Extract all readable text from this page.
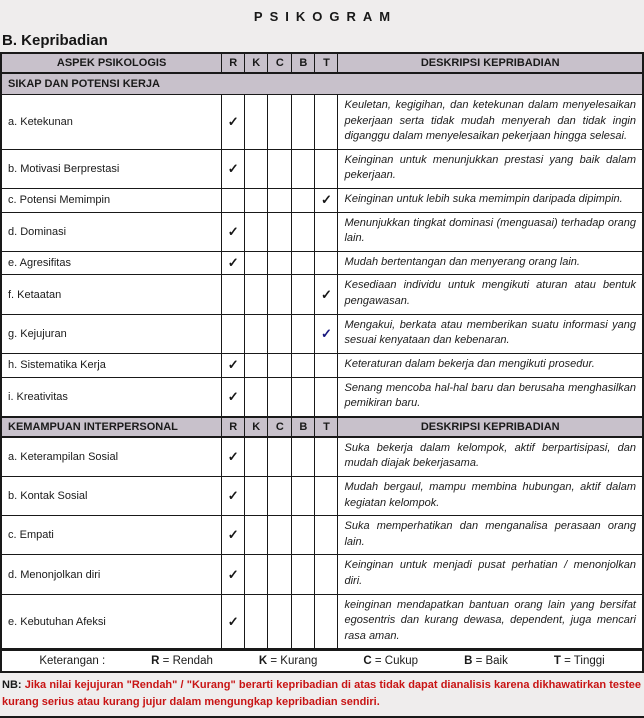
PSIKOGRAM
B. Kepribadian
ASPEK PSIKOLOGIS	R	K	C	B	T	DESKRIPSI KEPRIBADIAN
SIKAP DAN POTENSI KERJA						
a. Ketekunan	✓					Keuletan, kegigihan, dan ketekunan dalam menyelesaikan pekerjaan serta tidak mudah menyerah dan tidak ingin diganggu dalam menyelesaikan pekerjaan hingga selesai.
b. Motivasi Berprestasi	✓					Keinginan untuk menunjukkan prestasi yang baik dalam pekerjaan.
c. Potensi Memimpin					✓	Keinginan untuk lebih suka memimpin daripada dipimpin.
d. Dominasi	✓					Menunjukkan tingkat dominasi (menguasai) terhadap orang lain.
e. Agresifitas	✓					Mudah bertentangan dan menyerang orang lain.
f. Ketaatan					✓	Kesediaan individu untuk mengikuti aturan atau bentuk pengawasan.
g. Kejujuran					✓	Mengakui, berkata atau memberikan suatu informasi yang sesuai kenyataan dan kebenaran.
h. Sistematika Kerja	✓					Keteraturan dalam bekerja dan mengikuti prosedur.
i. Kreativitas	✓					Senang mencoba hal-hal baru dan berusaha menghasilkan pemikiran baru.
KEMAMPUAN INTERPERSONAL	R	K	C	B	T	DESKRIPSI KEPRIBADIAN
a. Keterampilan Sosial	✓					Suka bekerja dalam kelompok, aktif berpartisipasi, dan mudah diajak bekerjasama.
b. Kontak Sosial	✓					Mudah bergaul, mampu membina hubungan, aktif dalam kegiatan kelompok.
c. Empati	✓					Suka memperhatikan dan menganalisa perasaan orang lain.
d. Menonjolkan diri	✓					Keinginan untuk menjadi pusat perhatian / menonjolkan diri.
e. Kebutuhan Afeksi	✓					keinginan mendapatkan bantuan orang lain yang bersifat egosentris dan kurang dewasa, dependent, juga mencari rasa aman.

Keterangan :	R = Rendah	K = Kurang	C = Cukup	B = Baik	T = Tinggi
NB: Jika nilai kejujuran "Rendah" / "Kurang" berarti kepribadian di atas tidak dapat dianalisis karena dikhawatirkan testee kurang serius atau kurang jujur dalam mengungkap kepribadian sendiri.
